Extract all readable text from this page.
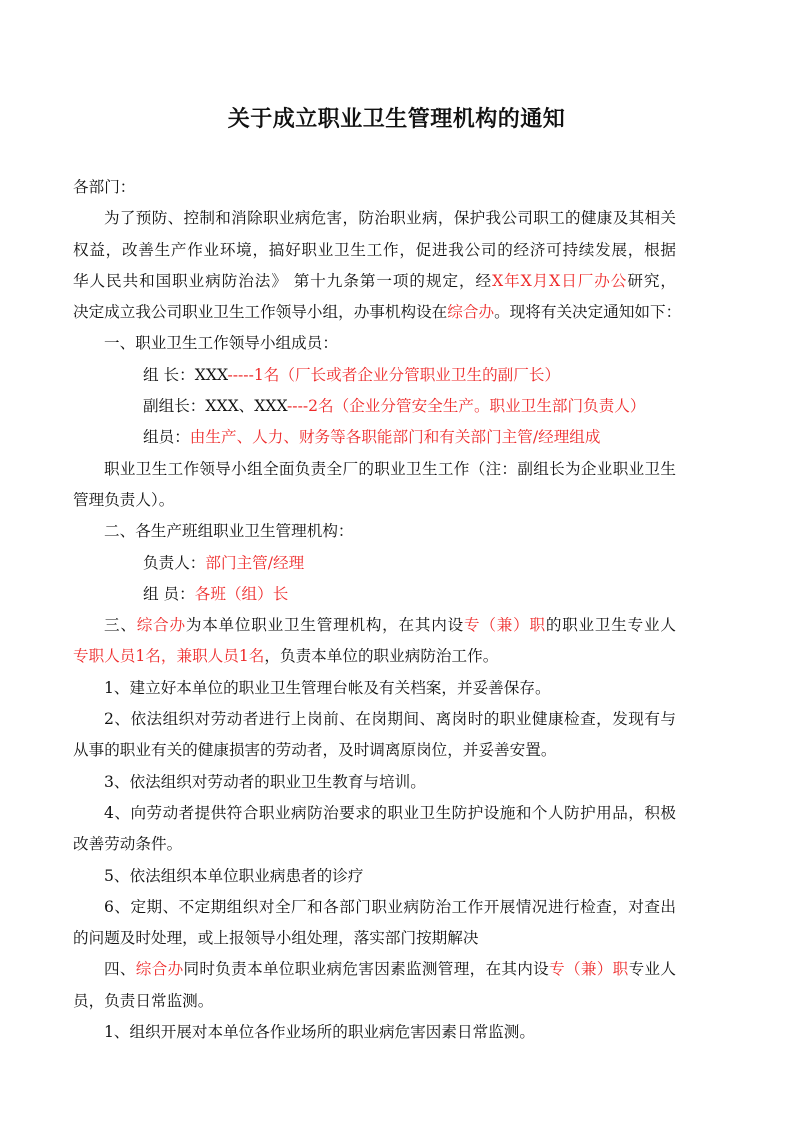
关于成立职业卫生管理机构的通知
各部门：
为了预防、控制和消除职业病危害，防治职业病，保护我公司职工的健康及其相关
权益，改善生产作业环境，搞好职业卫生工作，促进我公司的经济可持续发展，根据
华人民共和国职业病防治法》 第十九条第一项的规定，经X年X月X日厂办公研究，
决定成立我公司职业卫生工作领导小组，办事机构设在综合办。现将有关决定通知如下：
一、职业卫生工作领导小组成员：
组 长：XXX-----1名（厂长或者企业分管职业卫生的副厂长）
副组长：XXX、XXX----2名（企业分管安全生产。职业卫生部门负责人）
组员：由生产、人力、财务等各职能部门和有关部门主管/经理组成
职业卫生工作领导小组全面负责全厂的职业卫生工作（注：副组长为企业职业卫生
管理负责人）。
二、各生产班组职业卫生管理机构：
负责人：部门主管/经理
组 员：各班（组）长
三、综合办为本单位职业卫生管理机构，在其内设专（兼）职的职业卫生专业人
专职人员1名，兼职人员1名，负责本单位的职业病防治工作。
1、建立好本单位的职业卫生管理台帐及有关档案，并妥善保存。
2、依法组织对劳动者进行上岗前、在岗期间、离岗时的职业健康检查，发现有与
从事的职业有关的健康损害的劳动者，及时调离原岗位，并妥善安置。
3、依法组织对劳动者的职业卫生教育与培训。
4、向劳动者提供符合职业病防治要求的职业卫生防护设施和个人防护用品，积极
改善劳动条件。
5、依法组织本单位职业病患者的诊疗
6、定期、不定期组织对全厂和各部门职业病防治工作开展情况进行检查，对查出
的问题及时处理，或上报领导小组处理，落实部门按期解决
四、综合办同时负责本单位职业病危害因素监测管理，在其内设专（兼）职专业人
员，负责日常监测。
1、组织开展对本单位各作业场所的职业病危害因素日常监测。
